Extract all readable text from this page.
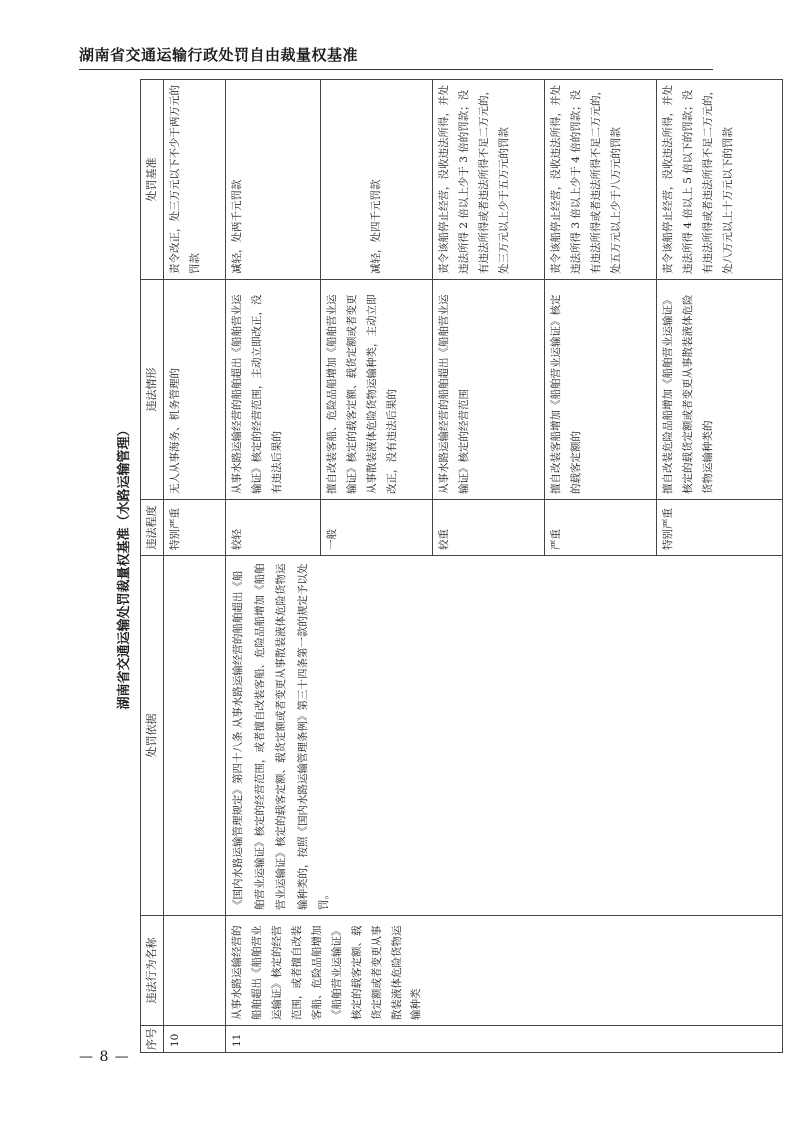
湖南省交通运输行政处罚自由裁量权基准
湖南省交通运输处罚裁量权基准（水路运输管理）
序号	违法行为名称	处罚依据	违法程度	违法情形	处罚基准
10			特别严重	无人从事海务、机务管理的	责令改正，处三万元以下不少于两万元的罚款
11	从事水路运输经营的船舶超出《船舶营业运输证》核定的经营范围，或者擅自改装客船、危险品船增加《船舶营业运输证》核定的载客定额、载货定额或者变更从事散装液体危险货物运输种类	《国内水路运输管理规定》第四十八条 从事水路运输经营的船舶超出《船舶营业运输证》核定的经营范围，或者擅自改装客船、危险品船增加《船舶营业运输证》核定的载客定额、载货定额或者变更从事散装液体危险货物运输种类的，按照《国内水路运输管理条例》第三十四条第一款的规定予以处罚。	较轻	从事水路运输经营的船舶超出《船舶营业运输证》核定的经营范围，主动立即改正，没有违法后果的	减轻，处两千元罚款
			一般	擅自改装客船、危险品船增加《船舶营业运输证》核定的载客定额、载货定额或者变更从事散装液体危险货物运输种类，主动立即改正，没有违法后果的	减轻，处四千元罚款
			较重	从事水路运输经营的船舶超出《船舶营业运输证》核定的经营范围	责令该船停止经营，没收违法所得，并处违法所得 2 倍以上少于 3 倍的罚款；没有违法所得或者违法所得不足二万元的，处三万元以上少于五万元的罚款
			严重	擅自改装客船增加《船舶营业运输证》核定的载客定额的	责令该船停止经营，没收违法所得，并处违法所得 3 倍以上少于 4 倍的罚款；没有违法所得或者违法所得不足二万元的，处五万元以上少于八万元的罚款
			特别严重	擅自改装危险品船增加《船舶营业运输证》核定的载货定额或者变更从事散装液体危险货物运输种类的	责令该船停止经营，没收违法所得，并处违法所得 4 倍以上 5 倍以下的罚款；没有违法所得或者违法所得不足二万元的，处八万元以上十万元以下的罚款
— 8 —
